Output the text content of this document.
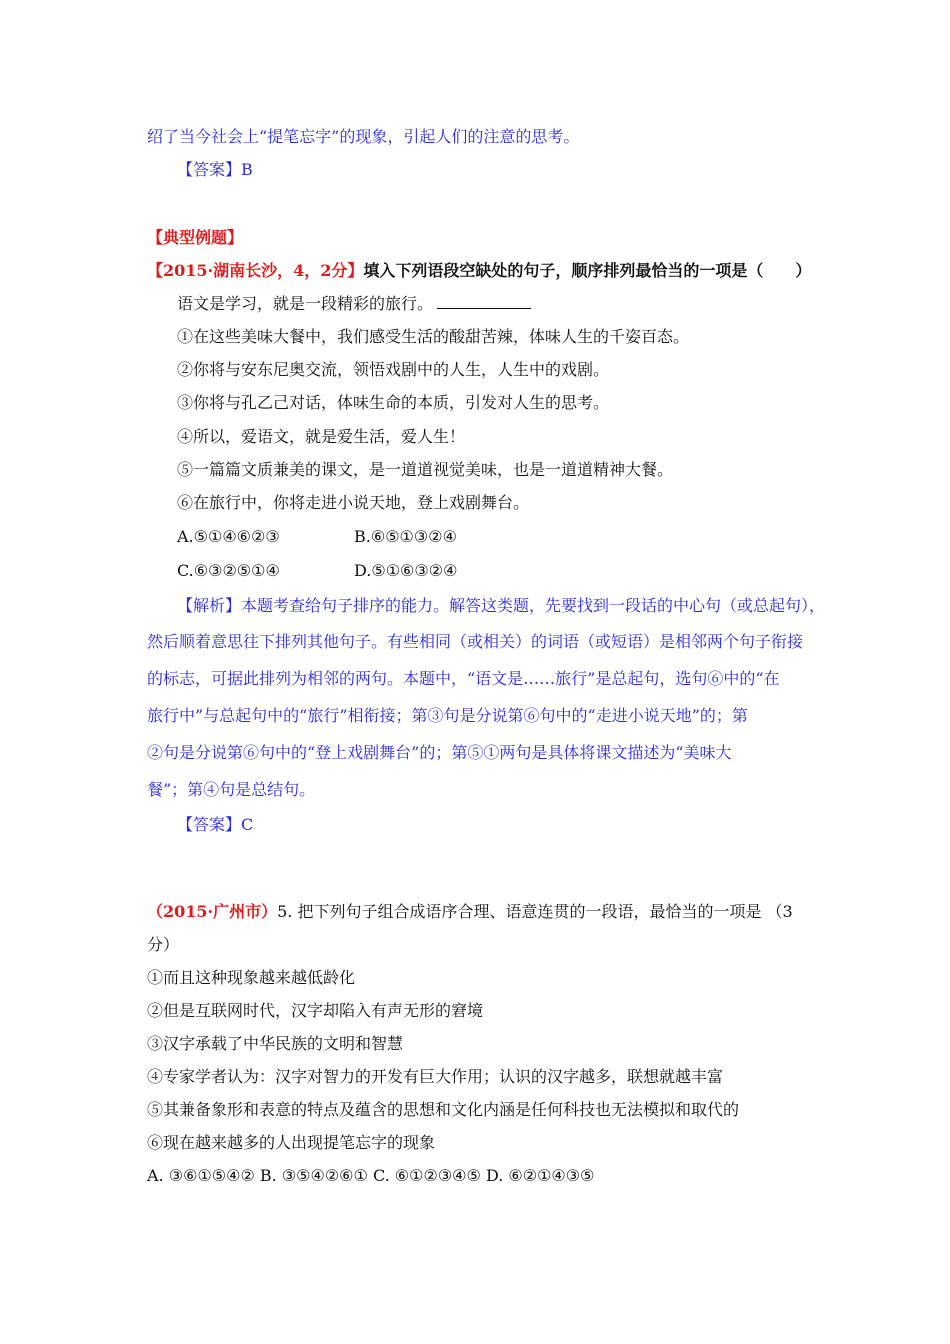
绍了当今社会上“提笔忘字”的现象，引起人们的注意的思考。
【答案】B
【典型例题】
【2015·湖南长沙，4，2分】填入下列语段空缺处的句子，顺序排列最恰当的一项是（　　）
语文是学习，就是一段精彩的旅行。
①在这些美味大餐中，我们感受生活的酸甜苦辣，体味人生的千姿百态。
②你将与安东尼奥交流，领悟戏剧中的人生，人生中的戏剧。
③你将与孔乙己对话，体味生命的本质，引发对人生的思考。
④所以，爱语文，就是爱生活，爱人生！
⑤一篇篇文质兼美的课文，是一道道视觉美味，也是一道道精神大餐。
⑥在旅行中，你将走进小说天地，登上戏剧舞台。
A.⑤①④⑥②③	B.⑥⑤①③②④
C.⑥③②⑤①④	D.⑤①⑥③②④
【解析】本题考查给句子排序的能力。解答这类题，先要找到一段话的中心句（或总起句），
然后顺着意思往下排列其他句子。有些相同（或相关）的词语（或短语）是相邻两个句子衔接
的标志，可据此排列为相邻的两句。本题中，“语文是……旅行”是总起句，选句⑥中的“在
旅行中”与总起句中的“旅行”相衔接；第③句是分说第⑥句中的“走进小说天地”的；第
②句是分说第⑥句中的“登上戏剧舞台”的；第⑤①两句是具体将课文描述为“美味大
餐”；第④句是总结句。
【答案】C
（2015·广州市）5. 把下列句子组合成语序合理、语意连贯的一段语，最恰当的一项是 （3
分）
①而且这种现象越来越低龄化
②但是互联网时代，汉字却陷入有声无形的窘境
③汉字承载了中华民族的文明和智慧
④专家学者认为：汉字对智力的开发有巨大作用；认识的汉字越多，联想就越丰富
⑤其兼备象形和表意的特点及蕴含的思想和文化内涵是任何科技也无法模拟和取代的
⑥现在越来越多的人出现提笔忘字的现象
A. ③⑥①⑤④② B. ③⑤④②⑥① C. ⑥①②③④⑤ D. ⑥②①④③⑤
